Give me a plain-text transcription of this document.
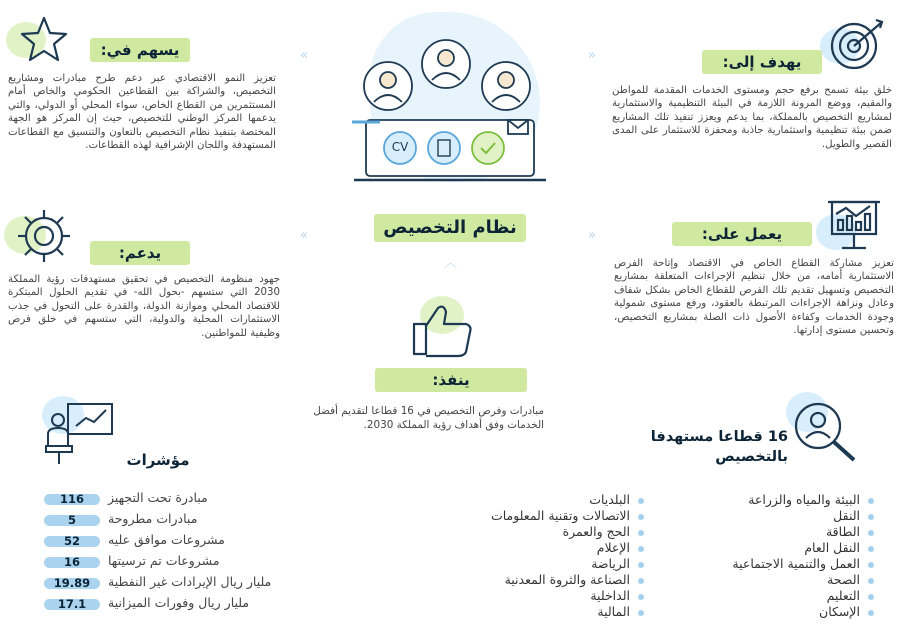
يسهم في:
تعزيز النمو الاقتصادي عبر دعم طرح مبادرات ومشاريع التخصيص، والشراكة بين القطاعين الحكومي والخاص أمام المستثمرين من القطاع الخاص، سواء المحلي أو الدولي، والتي يدعمها المركز الوطني للتخصيص، حيث إن المركز هو الجهة المختصة بتنفيذ نظام التخصيص بالتعاون والتنسيق مع القطاعات المستهدفة واللجان الإشرافية لهذه القطاعات.
يهدف إلى:
خلق بيئة تسمح برفع حجم ومستوى الخدمات المقدمة للمواطن والمقيم، ووضع المرونة اللازمة في البيئة التنظيمية والاستثمارية لمشاريع التخصيص بالمملكة، بما يدعم ويعزز تنفيذ تلك المشاريع ضمن بيئة تنظيمية واستثمارية جاذبة ومحفزة للاستثمار على المدى القصير والطويل.
يدعم:
جهود منظومة التخصيص في تحقيق مستهدفات رؤية المملكة 2030 التي ستسهم -بحول الله- في تقديم الحلول المبتكرة للاقتصاد المحلي وموازنة الدولة، والقدرة على التحول في جذب الاستثمارات المحلية والدولية، التي ستسهم في خلق فرص وظيفية للمواطنين.
يعمل على:
تعزيز مشاركة القطاع الخاص في الاقتصاد وإتاحة الفرص الاستثمارية أمامه، من خلال تنظيم الإجراءات المتعلقة بمشاريع التخصيص وتسهيل تقديم تلك الفرص للقطاع الخاص بشكل شفاف وعادل ونزاهة الإجراءات المرتبطة بالعقود، ورفع مستوى شمولية وجودة الخدمات وكفاءة الأصول ذات الصلة بمشاريع التخصيص، وتحسين مستوى إدارتها.
CV
«	»
«	»
︿
نظام التخصيص
ينفذ:
مبادرات وفرص التخصيص في 16 قطاعا لتقديم أفضل الخدمات وفق أهداف رؤية المملكة 2030.
مؤشرات
116	مبادرة تحت التجهيز
5	مبادرات مطروحة
52	مشروعات موافق عليه
16	مشروعات تم ترسيتها
19.89	مليار ريال الإيرادات غير النفطية
17.1	مليار ريال وفورات الميزانية
16 قطاعا مستهدفا
بالتخصيص
البيئة والمياه والزراعة
النقل
الطاقة
النقل العام
العمل والتنمية الاجتماعية
الصحة
التعليم
الإسكان
البلديات
الاتصالات وتقنية المعلومات
الحج والعمرة
الإعلام
الرياضة
الصناعة والثروة المعدنية
الداخلية
المالية
